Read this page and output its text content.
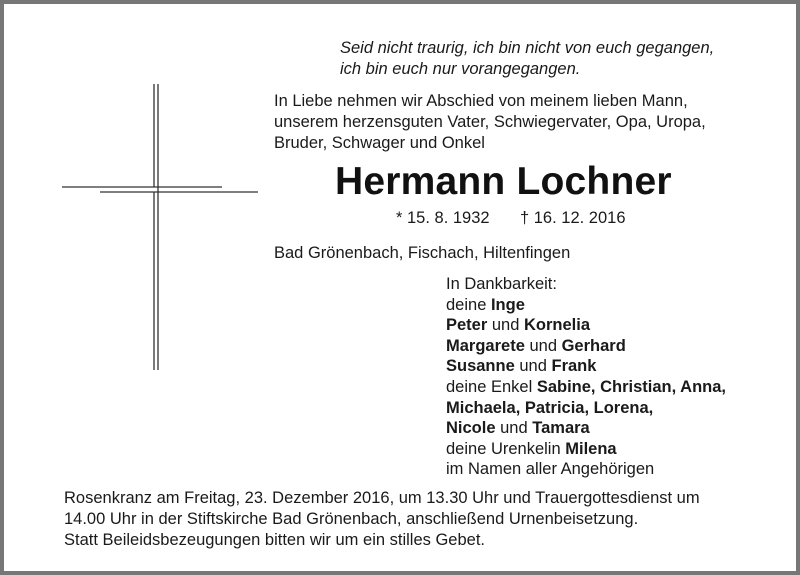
Seid nicht traurig, ich bin nicht von euch gegangen,
ich bin euch nur vorangegangen.
In Liebe nehmen wir Abschied von meinem lieben Mann,
unserem herzensguten Vater, Schwiegervater, Opa, Uropa,
Bruder, Schwager und Onkel
Hermann Lochner
* 15. 8. 1932 † 16. 12. 2016
Bad Grönenbach, Fischach, Hiltenfingen
In Dankbarkeit:
deine Inge
Peter und Kornelia
Margarete und Gerhard
Susanne und Frank
deine Enkel Sabine, Christian, Anna,
Michaela, Patricia, Lorena,
Nicole und Tamara
deine Urenkelin Milena
im Namen aller Angehörigen
Rosenkranz am Freitag, 23. Dezember 2016, um 13.30 Uhr und Trauergottesdienst um
14.00 Uhr in der Stiftskirche Bad Grönenbach, anschließend Urnenbeisetzung.
Statt Beileidsbezeugungen bitten wir um ein stilles Gebet.
